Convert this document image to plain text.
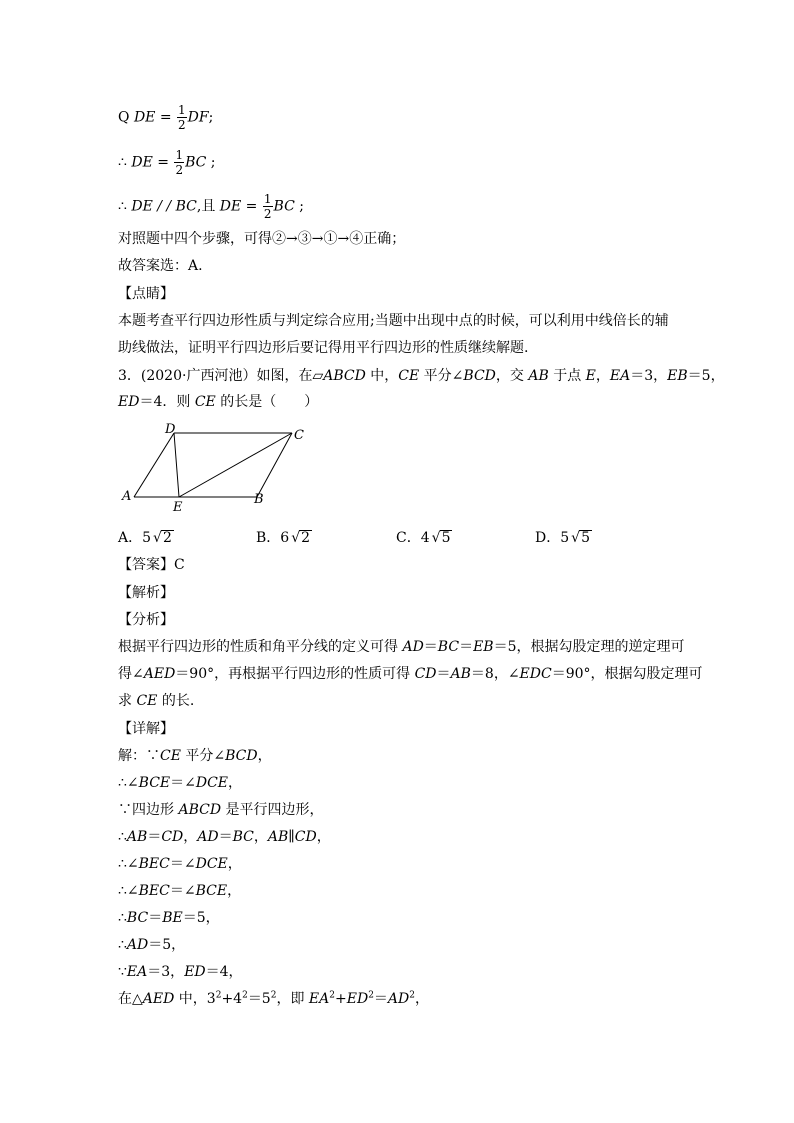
Q DE = $\frac{1}{2}$ DF;
∴ DE = $\frac{1}{2}$ BC ;
∴ DE / / BC,且 DE = $\frac{1}{2}$ BC ;
对照题中四个步骤，可得②→③→①→④正确；
故答案选：A.
【点睛】
本题考查平行四边形性质与判定综合应用;当题中出现中点的时候，可以利用中线倍长的辅
助线做法，证明平行四边形后要记得用平行四边形的性质继续解题.
3．(2020·广西河池）如图，在▱ABCD 中，CE 平分∠BCD，交 AB 于点 E，EA＝3，EB＝5，
ED＝4．则 CE 的长是（　　）
A	B
C
D
E
A．5 √2	B．6 √2	C．4 √5	D．5 √5
【答案】C
【解析】
【分析】
根据平行四边形的性质和角平分线的定义可得 AD＝BC＝EB＝5，根据勾股定理的逆定理可
得∠AED＝90°，再根据平行四边形的性质可得 CD＝AB＝8，∠EDC＝90°，根据勾股定理可
求 CE 的长.
【详解】
解：∵CE 平分∠BCD，
∴∠BCE＝∠DCE，
∵四边形 ABCD 是平行四边形，
∴AB＝CD，AD＝BC，AB∥CD，
∴∠BEC＝∠DCE，
∴∠BEC＝∠BCE，
∴BC＝BE＝5，
∴AD＝5，
∵EA＝3，ED＝4，
在△AED 中，$3^2+4^2=5^2$，即 $EA^2+ED^2=AD^2$，
